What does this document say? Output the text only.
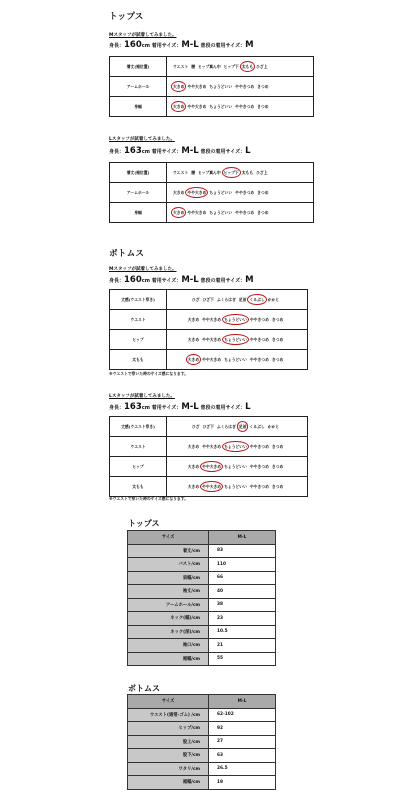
トップス
Mスタッフが試着してみました。
身長：160cm 着用サイズ：M-L 普段の着用サイズ：M
着丈(裾位置)	ウエスト 腰 ヒップ真ん中 ヒップ下 太もも ひざ上
アームホール	大きめ やや大きめ ちょうどいい ややきつめ きつめ
身幅	大きめ やや大きめ ちょうどいい ややきつめ きつめ
Lスタッフが試着してみました。
身長：163cm 着用サイズ：M-L 普段の着用サイズ：L
着丈(裾位置)	ウエスト 腰 ヒップ真ん中 ヒップ下 太もも ひざ上
アームホール	大きめ やや大きめ ちょうどいい ややきつめ きつめ
身幅	大きめ やや大きめ ちょうどいい ややきつめ きつめ
ボトムス
Mスタッフが試着してみました。
身長：160cm 着用サイズ：M-L 普段の着用サイズ：M
丈感(ウエスト穿き)	ひざ ひざ下 ふくらはぎ 足首 くるぶし かかと
ウエスト	大きめ やや大きめ ちょうどいい ややきつめ きつめ
ヒップ	大きめ やや大きめ ちょうどいい ややきつめ きつめ
太もも	大きめ やや大きめ ちょうどいい ややきつめ きつめ
※ウエストで穿いた時のサイズ感になります。
Lスタッフが試着してみました。
身長：163cm 着用サイズ：M-L 普段の着用サイズ：L
丈感(ウエスト穿き)	ひざ ひざ下 ふくらはぎ 足首 くるぶし かかと
ウエスト	大きめ やや大きめ ちょうどいい ややきつめ きつめ
ヒップ	大きめ やや大きめ ちょうどいい ややきつめ きつめ
太もも	大きめ やや大きめ ちょうどいい ややきつめ きつめ
※ウエストで穿いた時のサイズ感になります。
トップス
サイズ	M-L
着丈/cm	83
バスト/cm	110
肩幅/cm	66
袖丈/cm	40
アームホール/cm	38
ネック(幅)/cm	23
ネック(深)/cm	10.5
袖口/cm	21
裾幅/cm	55
ボトムス
サイズ	M-L
ウエスト(通常-ゴム) /cm	62-102
ヒップ/cm	92
股上/cm	27
股下/cm	63
ワタリ/cm	26.5
裾幅/cm	19
